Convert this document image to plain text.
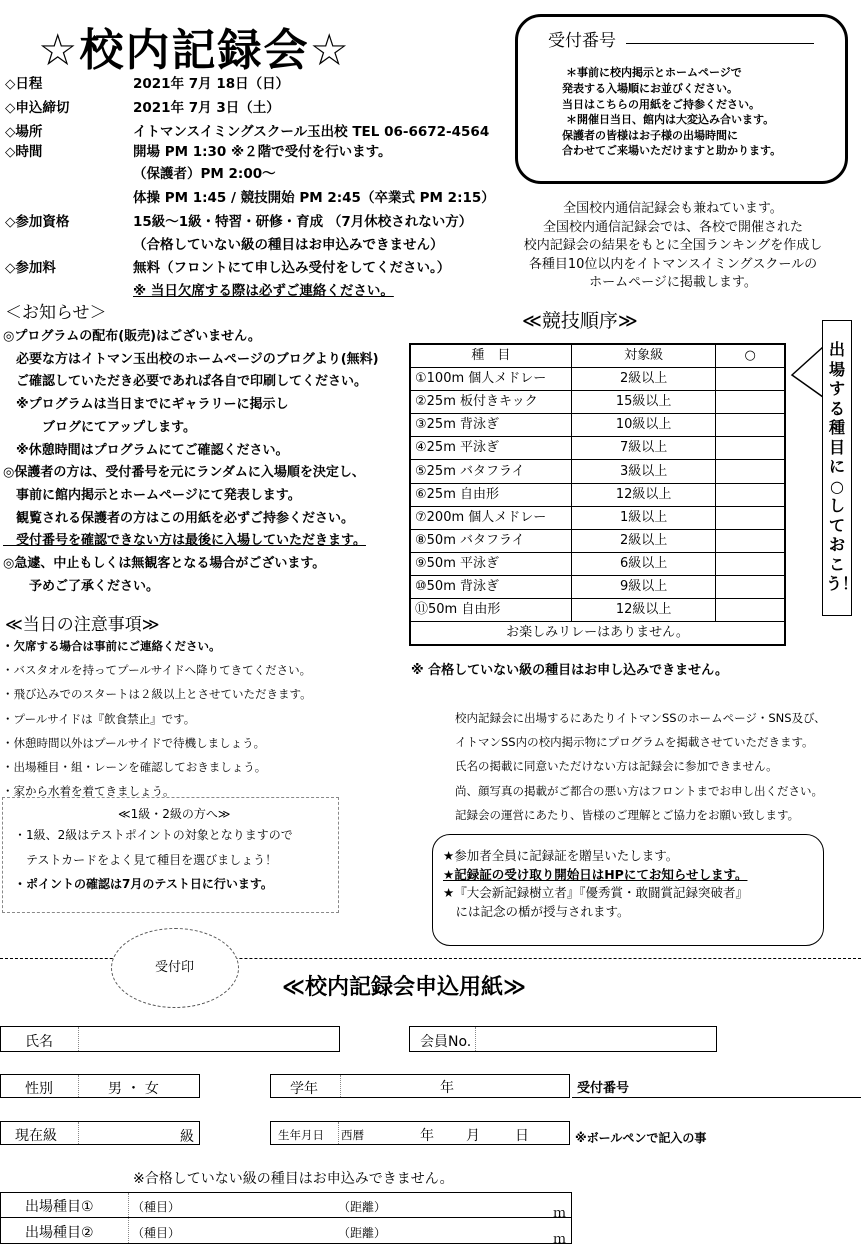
☆校内記録会☆
◇日程	2021年 7月 18日（日）
◇申込締切	2021年 7月 3日（土）
◇場所	イトマンスイミングスクール玉出校 TEL 06-6672-4564
◇時間	開場 PM 1:30 ※２階で受付を行います。
（保護者）PM 2:00～
体操 PM 1:45 / 競技開始 PM 2:45（卒業式 PM 2:15）
◇参加資格	15級～1級・特習・研修・育成 （7月休校されない方）
（合格していない級の種目はお申込みできません）
◇参加料	無料（フロントにて申し込み受付をしてください。）
※ 当日欠席する際は必ずご連絡ください。
受付番号
＊事前に校内掲示とホームページで
発表する入場順にお並びください。
当日はこちらの用紙をご持参ください。
＊開催日当日、館内は大変込み合います。
保護者の皆様はお子様の出場時間に
合わせてご来場いただけますと助かります。
全国校内通信記録会も兼ねています。
全国校内通信記録会では、各校で開催された
校内記録会の結果をもとに全国ランキングを作成し
各種目10位以内をイトマンスイミングスクールの
ホームページに掲載します。
＜お知らせ＞
◎プログラムの配布(販売)はございません。
　必要な方はイトマン玉出校のホームページのブログより(無料)
　ご確認していただき必要であれば各自で印刷してください。
　※プログラムは当日までにギャラリーに掲示し
　　　ブログにてアップします。
　※休憩時間はプログラムにてご確認ください。
◎保護者の方は、受付番号を元にランダムに入場順を決定し、
　事前に館内掲示とホームページにて発表します。
　観覧される保護者の方はこの用紙を必ずご持参ください。
　受付番号を確認できない方は最後に入場していただきます。
◎急遽、中止もしくは無観客となる場合がございます。
　　予めご了承ください。
≪当日の注意事項≫
・欠席する場合は事前にご連絡ください。
・バスタオルを持ってプールサイドへ降りてきてください。
・飛び込みでのスタートは２級以上とさせていただきます。
・プールサイドは『飲食禁止』です。
・休憩時間以外はプールサイドで待機しましょう。
・出場種目・組・レーンを確認しておきましょう。
・家から水着を着てきましょう。
≪1級・2級の方へ≫
・1級、2級はテストポイントの対象となりますので
　テストカードをよく見て種目を選びましょう！
・ポイントの確認は7月のテスト日に行います。
≪競技順序≫
種　目	対象級	○
①100m 個人メドレー	2級以上	
②25m 板付きキック	15級以上	
③25m 背泳ぎ	10級以上	
④25m 平泳ぎ	7級以上	
⑤25m バタフライ	3級以上	
⑥25m 自由形	12級以上	
⑦200m 個人メドレー	1級以上	
⑧50m バタフライ	2級以上	
⑨50m 平泳ぎ	6級以上	
⑩50m 背泳ぎ	9級以上	
⑪50m 自由形	12級以上	
お楽しみリレーはありません。		
※ 合格していない級の種目はお申し込みできません。
出場する種目に○しておこう！
校内記録会に出場するにあたりイトマンSSのホームページ・SNS及び、
イトマンSS内の校内掲示物にプログラムを掲載させていただきます。
氏名の掲載に同意いただけない方は記録会に参加できません。
尚、顔写真の掲載がご都合の悪い方はフロントまでお申し出ください。
記録会の運営にあたり、皆様のご理解とご協力をお願い致します。
★参加者全員に記録証を贈呈いたします。
★記録証の受け取り開始日はHPにてお知らせします。
★『大会新記録樹立者』『優秀賞・敢闘賞記録突破者』
　には記念の楯が授与されます。
受付印
≪校内記録会申込用紙≫
氏名	会員No.
性別	男 ・ 女	学年	年	受付番号
現在級	級	生年月日 西暦	年 月	日	※ボールペンで記入の事
※合格していない級の種目はお申込みできません。
出場種目①	（種目）	（距離）	ｍ
出場種目②	（種目）	（距離）	ｍ
